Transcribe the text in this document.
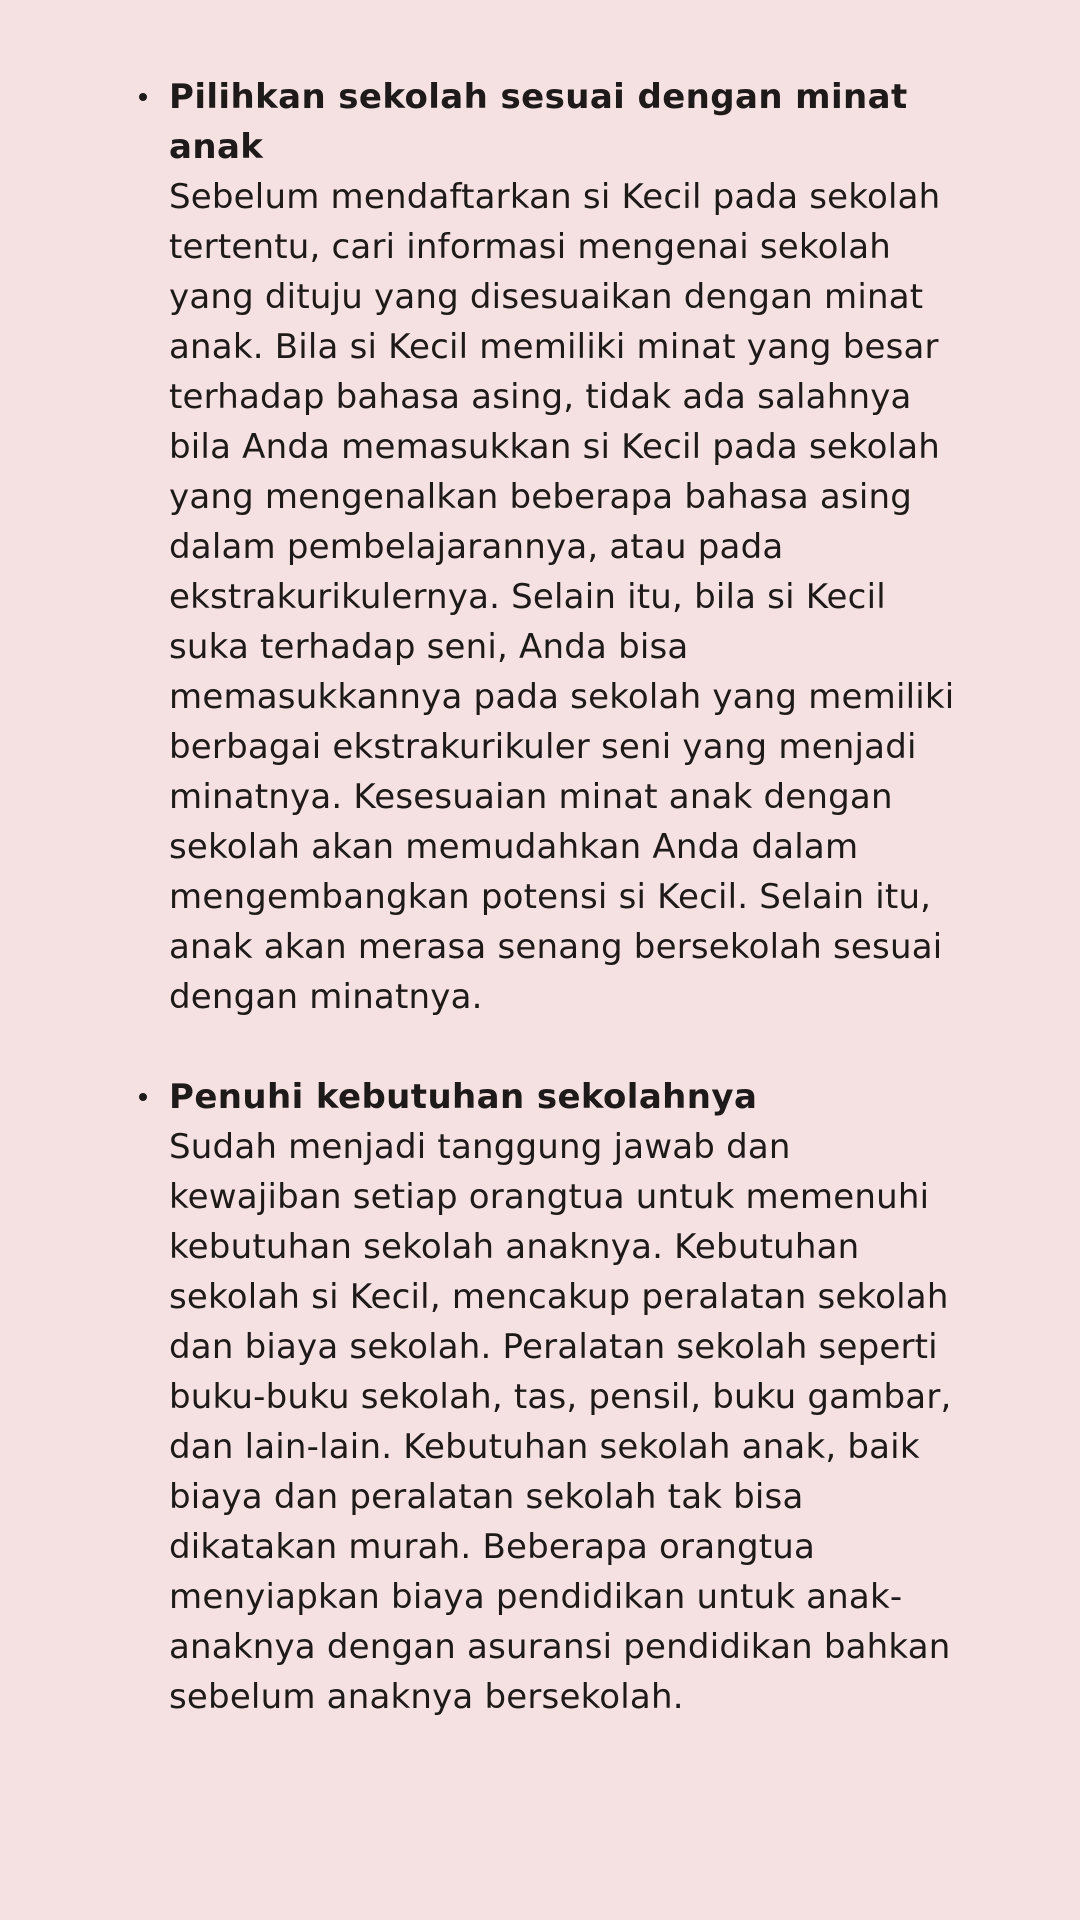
Pilihkan sekolah sesuai dengan minat anak

Sebelum mendaftarkan si Kecil pada sekolah tertentu, cari informasi mengenai sekolah yang dituju yang disesuaikan dengan minat anak. Bila si Kecil memiliki minat yang besar terhadap bahasa asing, tidak ada salahnya bila Anda memasukkan si Kecil pada sekolah yang mengenalkan beberapa bahasa asing dalam pembelajarannya, atau pada ekstrakurikulernya. Selain itu, bila si Kecil suka terhadap seni, Anda bisa memasukkannya pada sekolah yang memiliki berbagai ekstrakurikuler seni yang menjadi minatnya. Kesesuaian minat anak dengan sekolah akan memudahkan Anda dalam mengembangkan potensi si Kecil. Selain itu, anak akan merasa senang bersekolah sesuai dengan minatnya.

Penuhi kebutuhan sekolahnya

Sudah menjadi tanggung jawab dan kewajiban setiap orangtua untuk memenuhi kebutuhan sekolah anaknya. Kebutuhan sekolah si Kecil, mencakup peralatan sekolah dan biaya sekolah. Peralatan sekolah seperti buku-buku sekolah, tas, pensil, buku gambar, dan lain-lain. Kebutuhan sekolah anak, baik biaya dan peralatan sekolah tak bisa dikatakan murah. Beberapa orangtua menyiapkan biaya pendidikan untuk anak-anaknya dengan asuransi pendidikan bahkan sebelum anaknya bersekolah.
